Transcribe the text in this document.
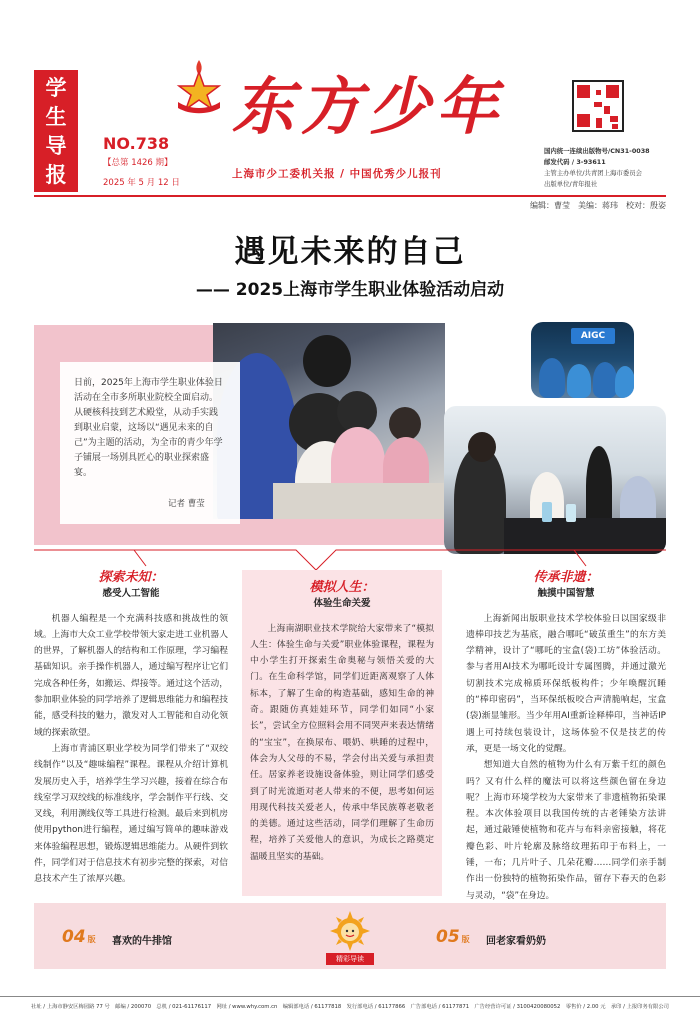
学
生
导
报
NO.738
【总第 1426 期】
2025 年 5 月 12 日
东方少年
上海市少工委机关报 / 中国优秀少儿报刊
国内统一连续出版物号/CN31-0038
邮发代码 / 3-93611
主管主办单位/共青团上海市委员会
出版单位/青年报社
编辑：曹莹　美编：蒋玮　校对：殷姿
遇见未来的自己
—— 2025上海市学生职业体验活动启动
AIGC
日前，2025年上海市学生职业体验日活动在全市多所职业院校全面启动。从硬核科技到艺术殿堂，从动手实践到职业启蒙，这场以“遇见未来的自己”为主题的活动，为全市的青少年学子铺展一场别具匠心的职业探索盛宴。
记者 曹莹
探索未知：
感受人工智能

机器人编程是一个充满科技感和挑战性的领域。上海市大众工业学校带领大家走进工业机器人的世界，了解机器人的结构和工作原理，学习编程基础知识。亲手操作机器人，通过编写程序让它们完成各种任务，如搬运、焊接等。通过这个活动，参加职业体验的同学培养了逻辑思维能力和编程技能，感受科技的魅力，激发对人工智能和自动化领域的探索欲望。

上海市青浦区职业学校为同学们带来了“双绞线制作”以及“趣味编程”课程。课程从介绍计算机发展历史入手，培养学生学习兴趣，接着在综合布线室学习双绞线的标准线序，学会制作平行线、交叉线，利用测线仪等工具进行检测。最后来到机房使用python进行编程，通过编写简单的趣味游戏来体验编程思想，锻炼逻辑思维能力。从硬件到软件，同学们对于信息技术有初步完整的探索，对信息技术产生了浓厚兴趣。

模拟人生：
体验生命关爱

上海南湖职业技术学院给大家带来了“模拟人生：体验生命与关爱”职业体验课程，课程为中小学生打开探索生命奥秘与领悟关爱的大门。在生命科学馆，同学们近距离观察了人体标本，了解了生命的构造基础，感知生命的神奇。跟随仿真娃娃环节，同学们如同“小家长”，尝试全方位照料会用不同哭声来表达情绪的“宝宝”，在换尿布、喂奶、哄睡的过程中，体会为人父母的不易，学会付出关爱与承担责任。居家养老设施设备体验，则让同学们感受到了时光流逝对老人带来的不便，思考如何运用现代科技关爱老人，传承中华民族尊老敬老的美德。通过这些活动，同学们理解了生命历程，培养了关爱他人的意识，为成长之路奠定温暖且坚实的基础。

传承非遗：
触摸中国智慧

上海新闻出版职业技术学校体验日以国家级非遗棒印技艺为基底，融合哪吒“破茧重生”的东方美学精神，设计了“哪吒的宝盒(袋)工坊”体验活动。参与者用AI技术为哪吒设计专属图腾，并通过激光切割技术完成棉质环保纸板构件；少年唤醒沉睡的“棒印密码”，当环保纸板咬合声清脆响起，宝盒(袋)渐显雏形。当少年用AI重新诠释棒印，当神话IP遇上可持续包装设计，这场体验不仅是技艺的传承，更是一场文化的觉醒。

想知道大自然的植物为什么有万紫千红的颜色吗？又有什么样的魔法可以将这些颜色留在身边呢？上海市环境学校为大家带来了非遗植物拓染课程。本次体验项目以我国传统的古老锤染方法讲起，通过敲锤使植物和花卉与布料亲密接触，将花瓣色彩、叶片轮廓及脉络纹理拓印于布料上，一锤，一布；几片叶子、几朵花瓣……同学们亲手制作出一份独特的植物拓染作品，留存下春天的色彩与灵动，“袋”在身边。

04 版 喜欢的牛排馆
精彩导读
05 版 回老家看奶奶
社址 / 上海市静安区梅园路 77 号　邮编 / 200070　总机 / 021-61176117　网址 / www.why.com.cn　编辑部电话 / 61177818　发行部电话 / 61177866　广告部电话 / 61177871　广告经营许可证 / 3100420080052　零售价 / 2.00 元　承印 / 上报印务有限公司
